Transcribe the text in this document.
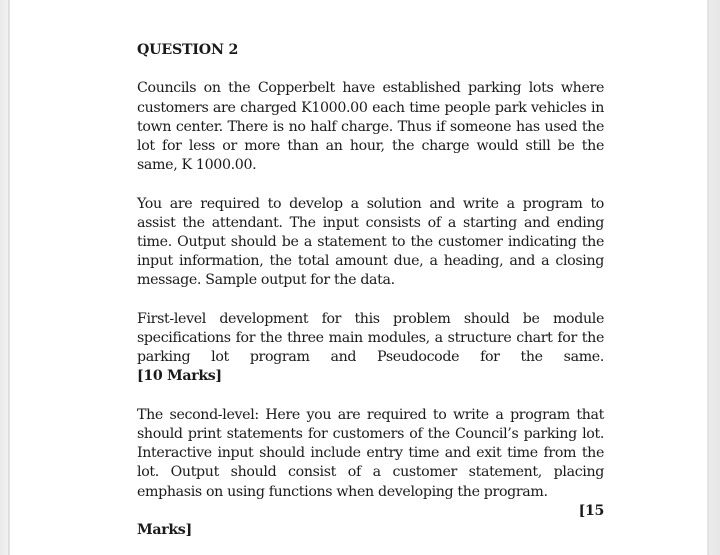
QUESTION 2
Councils on the Copperbelt have established parking lots where customers are charged K1000.00 each time people park vehicles in town center. There is no half charge. Thus if someone has used the lot for less or more than an hour, the charge would still be the same, K 1000.00.
You are required to develop a solution and write a program to assist the attendant. The input consists of a starting and ending time. Output should be a statement to the customer indicating the input information, the total amount due, a heading, and a closing message. Sample output for the data.
First-level development for this problem should be module
specifications for the three main modules, a structure chart for the
parking lot program and Pseudocode for the same.
[10 Marks]
The second-level: Here you are required to write a program that should print statements for customers of the Council’s parking lot. Interactive input should include entry time and exit time from the lot. Output should consist of a customer statement, placing emphasis on using functions when developing the program.
[15
Marks]
